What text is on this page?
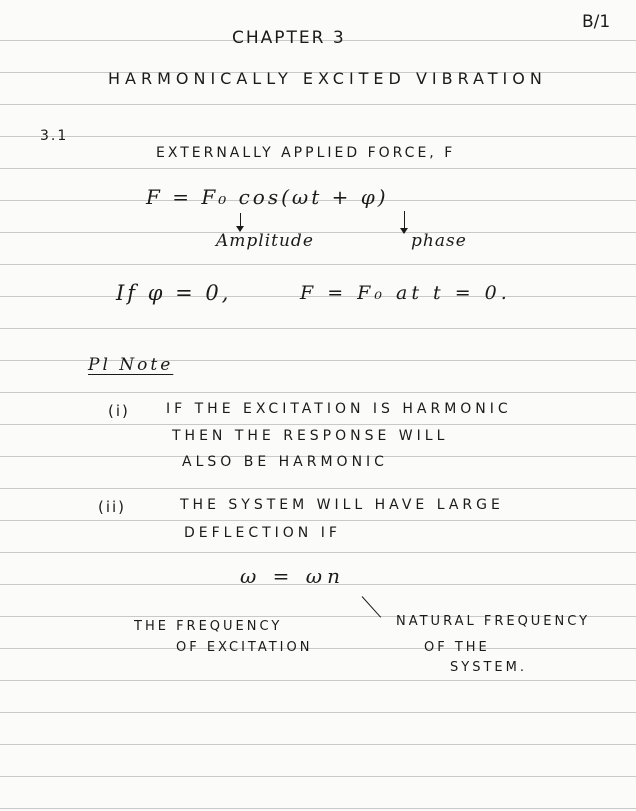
B/1
CHAPTER 3
HARMONICALLY EXCITED VIBRATION
3.1
EXTERNALLY APPLIED FORCE, F
F = F₀ cos(ωt + φ)
Amplitude	phase
If φ = 0,	F = F₀ at t = 0.
Pl Note
(i)	IF THE EXCITATION IS HARMONIC
THEN THE RESPONSE WILL
ALSO BE HARMONIC
(ii)	THE SYSTEM WILL HAVE LARGE
DEFLECTION IF
ω = ωn
THE FREQUENCY
OF EXCITATION
NATURAL FREQUENCY
OF THE
SYSTEM.
